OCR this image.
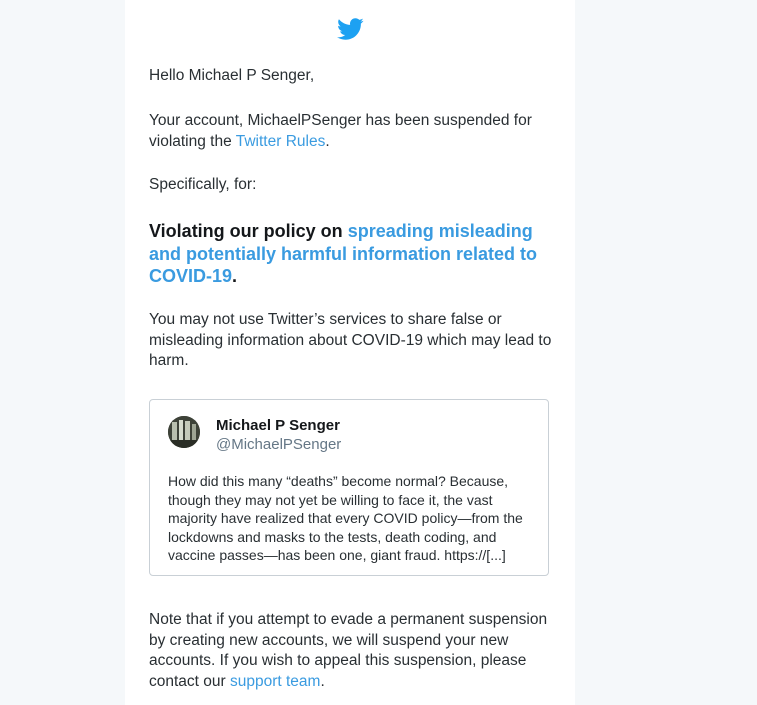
Hello Michael P Senger,

Your account, MichaelPSenger has been suspended for violating the Twitter Rules.

Specifically, for:

Violating our policy on spreading misleading and potentially harmful information related to COVID-19.

You may not use Twitter’s services to share false or misleading information about COVID-19 which may lead to harm.

Michael P Senger
@MichaelPSenger

How did this many “deaths” become normal? Because, though they may not yet be willing to face it, the vast majority have realized that every COVID policy—from the lockdowns and masks to the tests, death coding, and vaccine passes—has been one, giant fraud. https://[...]

Note that if you attempt to evade a permanent suspension by creating new accounts, we will suspend your new accounts. If you wish to appeal this suspension, please contact our support team.
